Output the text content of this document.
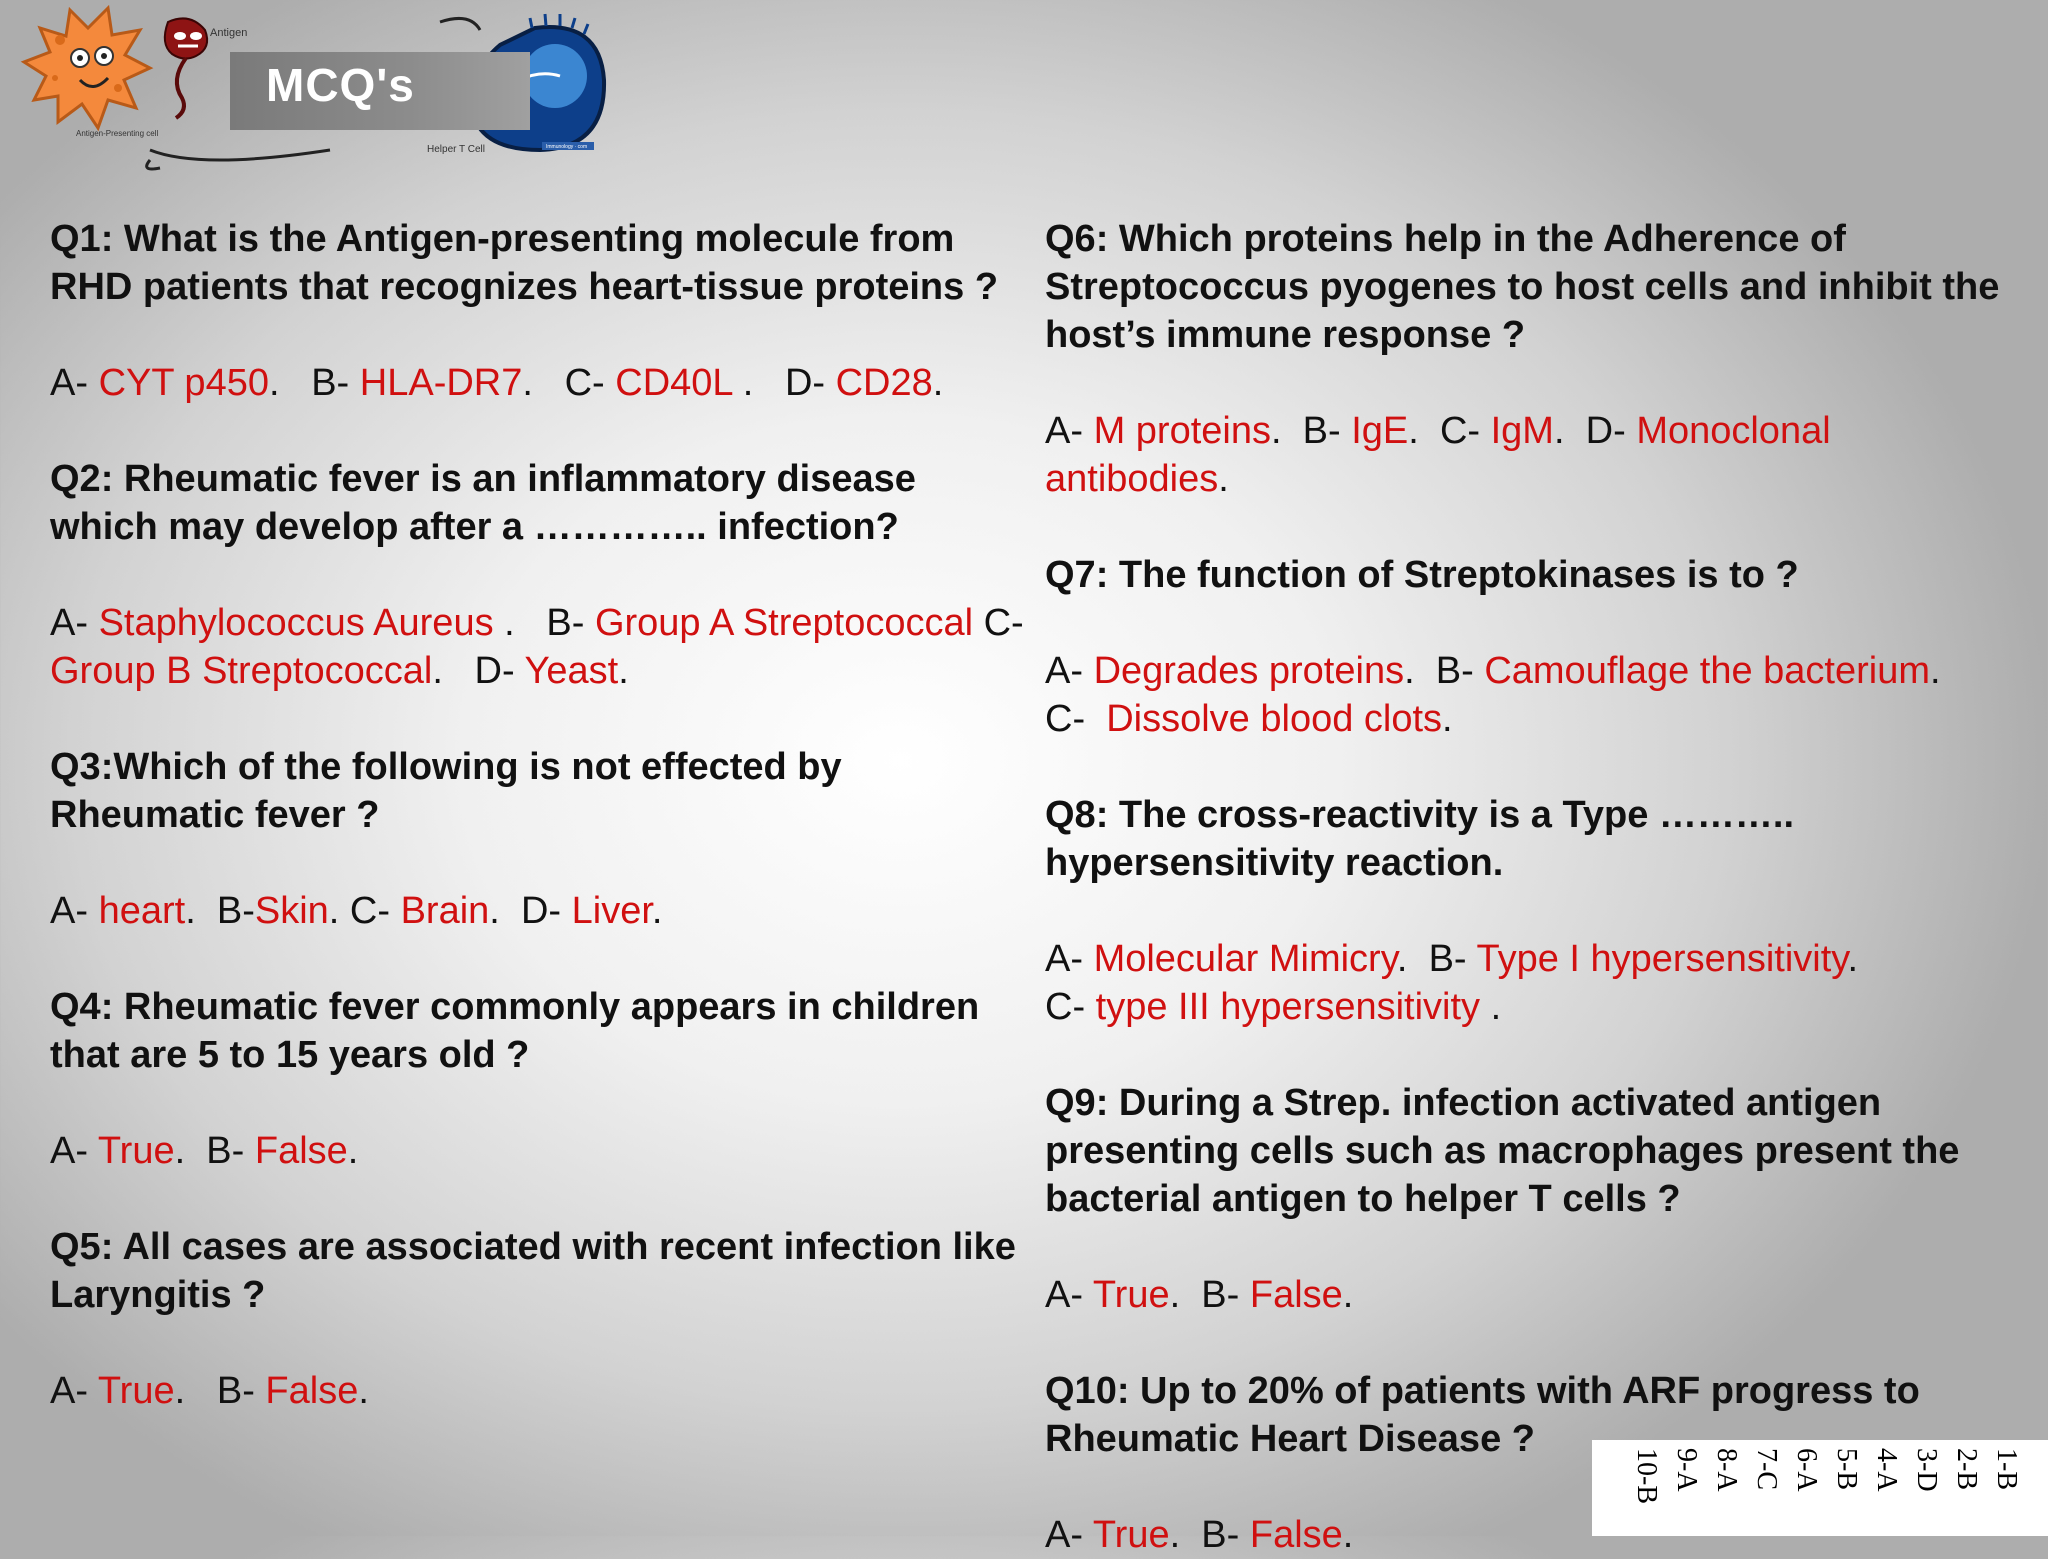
Antigen
Antigen-Presenting cell
Helper T Cell	Immunology · com
MCQ's

Q1: What is the Antigen-presenting molecule from RHD patients that recognizes heart-tissue proteins ?

A- CYT p450.   B- HLA-DR7.   C- CD40L .   D- CD28.

Q2: Rheumatic fever is an inflammatory disease which may develop after a ………….. infection?

A- Staphylococcus Aureus .   B- Group A Streptococcal C- Group B Streptococcal.   D- Yeast.

Q3:Which of the following is not effected by Rheumatic fever ?

A- heart.  B-Skin. C- Brain.  D- Liver.

Q4: Rheumatic fever commonly appears in children that are 5 to 15 years old ?

A- True.  B- False.

Q5: All cases are associated with recent infection like Laryngitis ?

A- True.   B- False.

Q6: Which proteins help in the Adherence of Streptococcus pyogenes to host cells and inhibit the host’s immune response ?

A- M proteins.  B- IgE.  C- IgM.  D- Monoclonal antibodies.

Q7: The function of Streptokinases is to ?

A- Degrades proteins.  B- Camouflage the bacterium.
C-  Dissolve blood clots.

Q8: The cross-reactivity is a Type ……….. hypersensitivity reaction.

A- Molecular Mimicry.  B- Type I hypersensitivity.
C- type III hypersensitivity .

Q9: During a Strep. infection activated antigen presenting cells such as macrophages present the bacterial antigen to helper T cells ?

A- True.  B- False.

Q10: Up to 20% of patients with ARF progress to Rheumatic Heart Disease ?

A- True.  B- False.

1-B
2-B
3-D
4-A
5-B
6-A
7-C
8-A
9-A
10-B
